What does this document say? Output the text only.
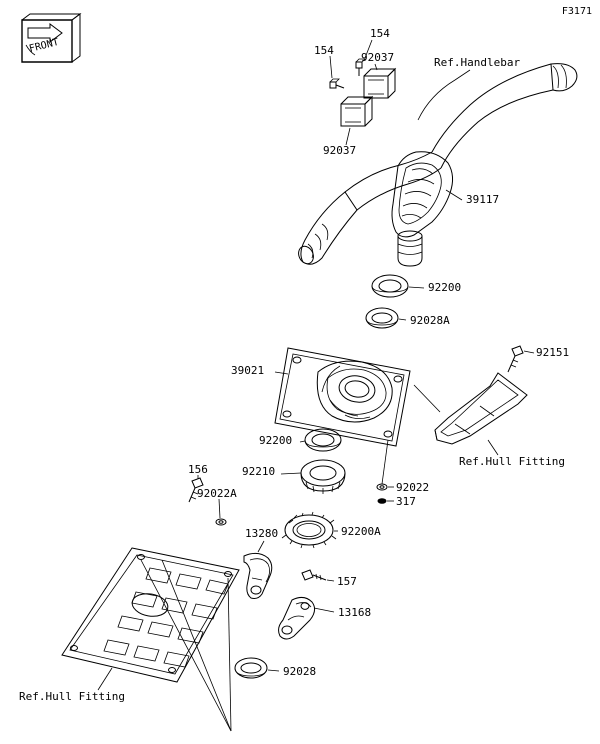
F3171
FRONT
154
154
92037	Ref.Handlebar
92037
39117
92200
92028A
92151
39021
Ref.Hull Fitting
92200
92210
156
92022A	92022
317
13280	92200A
157
13168
92028
Ref.Hull Fitting
